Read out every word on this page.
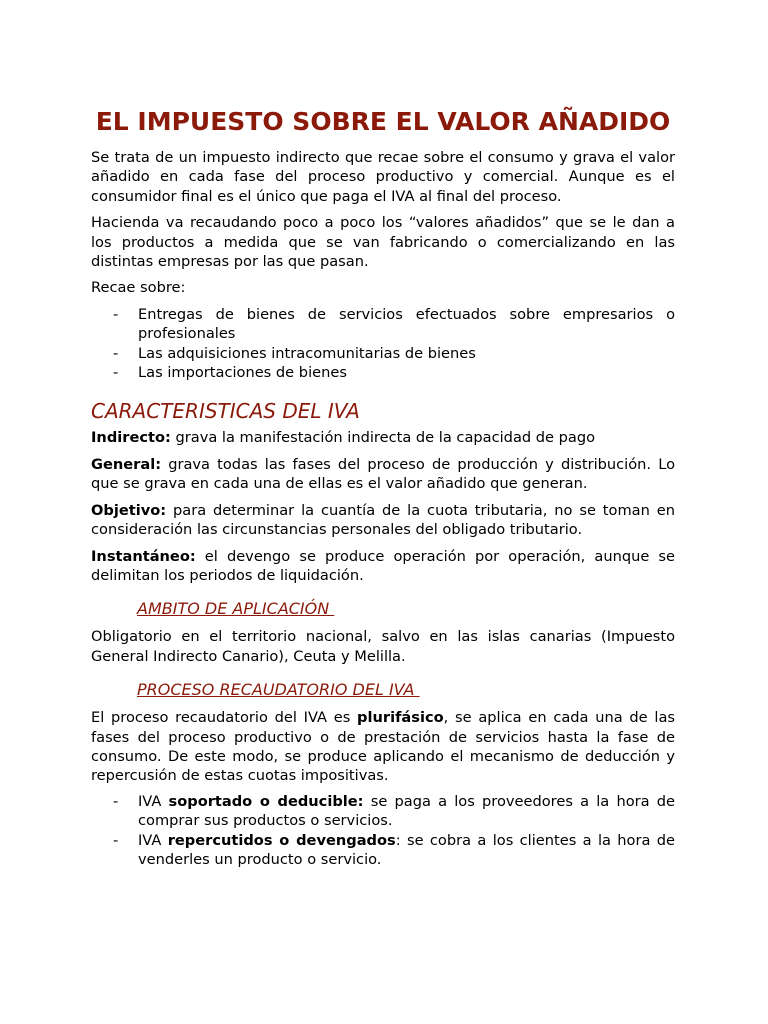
EL IMPUESTO SOBRE EL VALOR AÑADIDO

Se trata de un impuesto indirecto que recae sobre el consumo y grava el valor añadido en cada fase del proceso productivo y comercial. Aunque es el consumidor final es el único que paga el IVA al final del proceso.

Hacienda va recaudando poco a poco los “valores añadidos” que se le dan a los productos a medida que se van fabricando o comercializando en las distintas empresas por las que pasan.

Recae sobre:

- Entregas de bienes de servicios efectuados sobre empresarios o profesionales
- Las adquisiciones intracomunitarias de bienes
- Las importaciones de bienes
CARACTERISTICAS DEL IVA

Indirecto: grava la manifestación indirecta de la capacidad de pago

General: grava todas las fases del proceso de producción y distribución. Lo que se grava en cada una de ellas es el valor añadido que generan.

Objetivo: para determinar la cuantía de la cuota tributaria, no se toman en consideración las circunstancias personales del obligado tributario.

Instantáneo: el devengo se produce operación por operación, aunque se delimitan los periodos de liquidación.

AMBITO DE APLICACIÓN

Obligatorio en el territorio nacional, salvo en las islas canarias (Impuesto General Indirecto Canario), Ceuta y Melilla.

PROCESO RECAUDATORIO DEL IVA

El proceso recaudatorio del IVA es plurifásico, se aplica en cada una de las fases del proceso productivo o de prestación de servicios hasta la fase de consumo. De este modo, se produce aplicando el mecanismo de deducción y repercusión de estas cuotas impositivas.

- IVA soportado o deducible: se paga a los proveedores a la hora de comprar sus productos o servicios.
- IVA repercutidos o devengados: se cobra a los clientes a la hora de venderles un producto o servicio.
